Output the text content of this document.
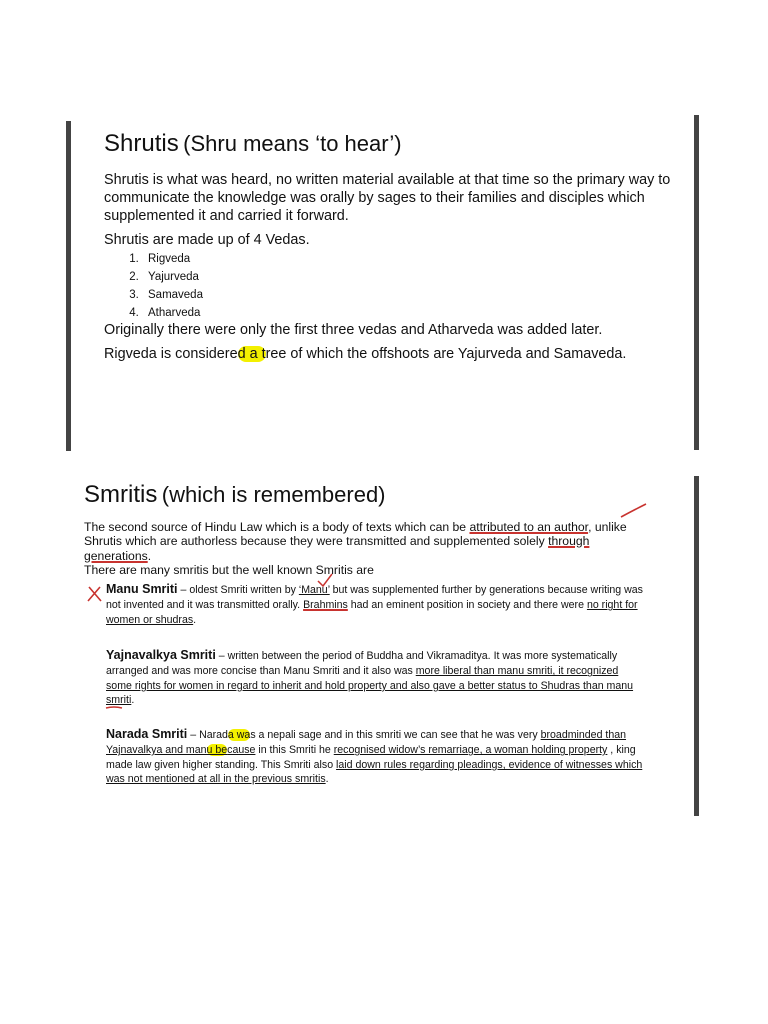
Shrutis (Shru means ‘to hear’)
Shrutis is what was heard, no written material available at that time so the primary way to communicate the knowledge was orally by sages to their families and disciples which supplemented it and carried it forward.
Shrutis are made up of 4 Vedas.
1. Rigveda
2. Yajurveda
3. Samaveda
4. Atharveda
Originally there were only the first three vedas and Atharveda was added later.
Rigveda is considered a tree of which the offshoots are Yajurveda and Samaveda.
Smritis (which is remembered)
The second source of Hindu Law which is a body of texts which can be attributed to an author, unlike Shrutis which are authorless because they were transmitted and supplemented solely through generations.
There are many smritis but the well known Smritis are
Manu Smriti – oldest Smriti written by ‘Manu’ but was supplemented further by generations because writing was not invented and it was transmitted orally. Brahmins had an eminent position in society and there were no right for women or shudras.
Yajnavalkya Smriti – written between the period of Buddha and Vikramaditya. It was more systematically arranged and was more concise than Manu Smriti and it also was more liberal than manu smriti, it recognized some rights for women in regard to inherit and hold property and also gave a better status to Shudras than manu smriti.
Narada Smriti – Narada was a nepali sage and in this smriti we can see that he was very broadminded than Yajnavalkya and manu because in this Smriti he recognised widow’s remarriage, a woman holding property , king made law given higher standing. This Smriti also laid down rules regarding pleadings, evidence of witnesses which was not mentioned at all in the previous smritis.
